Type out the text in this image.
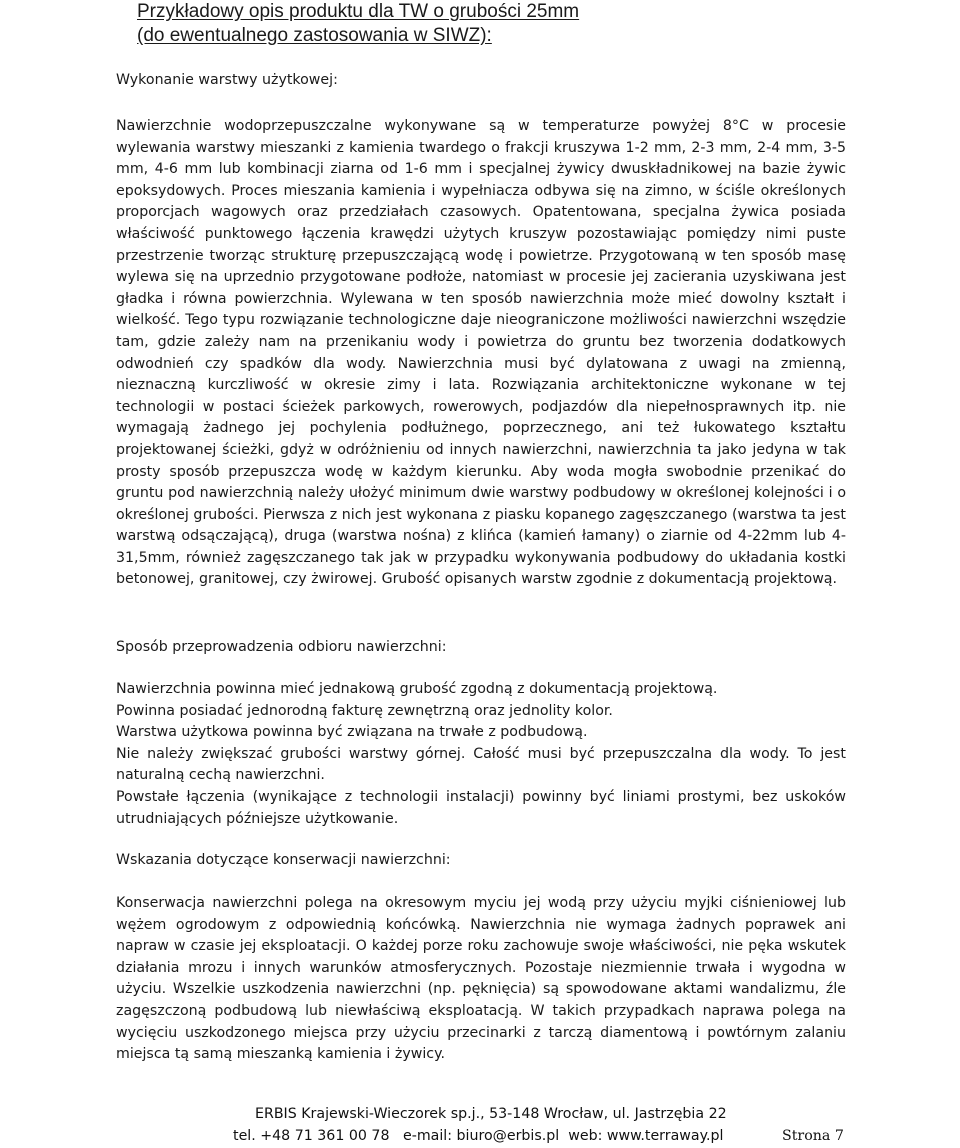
Przykładowy opis produktu dla TW o grubości 25mm
(do ewentualnego zastosowania w SIWZ):
Wykonanie warstwy użytkowej:

Nawierzchnie wodoprzepuszczalne wykonywane są w temperaturze powyżej 8°C w procesie wylewania warstwy mieszanki z kamienia twardego o frakcji kruszywa 1-2 mm, 2-3 mm, 2-4 mm, 3-5 mm, 4-6 mm lub kombinacji ziarna od 1-6 mm i specjalnej żywicy dwuskładnikowej na bazie żywic epoksydowych. Proces mieszania kamienia i wypełniacza odbywa się na zimno, w ściśle określonych proporcjach wagowych oraz przedziałach czasowych. Opatentowana, specjalna żywica posiada właściwość punktowego łączenia krawędzi użytych kruszyw pozostawiając pomiędzy nimi puste przestrzenie tworząc strukturę przepuszczającą wodę i powietrze. Przygotowaną w ten sposób masę wylewa się na uprzednio przygotowane podłoże, natomiast w procesie jej zacierania uzyskiwana jest gładka i równa powierzchnia. Wylewana w ten sposób nawierzchnia może mieć dowolny kształt i wielkość. Tego typu rozwiązanie technologiczne daje nieograniczone możliwości nawierzchni wszędzie tam, gdzie zależy nam na przenikaniu wody i powietrza do gruntu bez tworzenia dodatkowych odwodnień czy spadków dla wody. Nawierzchnia musi być dylatowana z uwagi na zmienną, nieznaczną kurczliwość w okresie zimy i lata. Rozwiązania architektoniczne wykonane w tej technologii w postaci ścieżek parkowych, rowerowych, podjazdów dla niepełnosprawnych itp. nie wymagają żadnego jej pochylenia podłużnego, poprzecznego, ani też łukowatego kształtu projektowanej ścieżki, gdyż w odróżnieniu od innych nawierzchni, nawierzchnia ta jako jedyna w tak prosty sposób przepuszcza wodę w każdym kierunku. Aby woda mogła swobodnie przenikać do gruntu pod nawierzchnią należy ułożyć minimum dwie warstwy podbudowy w określonej kolejności i o określonej grubości. Pierwsza z nich jest wykonana z piasku kopanego zagęszczanego (warstwa ta jest warstwą odsączającą), druga (warstwa nośna) z klińca (kamień łamany) o ziarnie od 4-22mm lub 4-31,5mm, również zagęszczanego tak jak w przypadku wykonywania podbudowy do układania kostki betonowej, granitowej, czy żwirowej. Grubość opisanych warstw zgodnie z dokumentacją projektową.

Sposób przeprowadzenia odbioru nawierzchni:

Nawierzchnia powinna mieć jednakową grubość zgodną z dokumentacją projektową.

Powinna posiadać jednorodną fakturę zewnętrzną oraz jednolity kolor.

Warstwa użytkowa powinna być związana na trwałe z podbudową.

Nie należy zwiększać grubości warstwy górnej. Całość musi być przepuszczalna dla wody. To jest naturalną cechą nawierzchni.

Powstałe łączenia (wynikające z technologii instalacji) powinny być liniami prostymi, bez uskoków utrudniających późniejsze użytkowanie.

Wskazania dotyczące konserwacji nawierzchni:

Konserwacja nawierzchni polega na okresowym myciu jej wodą przy użyciu myjki ciśnieniowej lub wężem ogrodowym z odpowiednią końcówką. Nawierzchnia nie wymaga żadnych poprawek ani napraw w czasie jej eksploatacji. O każdej porze roku zachowuje swoje właściwości, nie pęka wskutek działania mrozu i innych warunków atmosferycznych. Pozostaje niezmiennie trwała i wygodna w użyciu. Wszelkie uszkodzenia nawierzchni (np. pęknięcia) są spowodowane aktami wandalizmu, źle zagęszczoną podbudową lub niewłaściwą eksploatacją. W takich przypadkach naprawa polega na wycięciu uszkodzonego miejsca przy użyciu przecinarki z tarczą diamentową i powtórnym zalaniu miejsca tą samą mieszanką kamienia i żywicy.

ERBIS Krajewski-Wieczorek sp.j., 53-148 Wrocław, ul. Jastrzębia 22
tel. +48 71 361 00 78   e-mail: biuro@erbis.pl  web: www.terraway.pl	Strona 7
